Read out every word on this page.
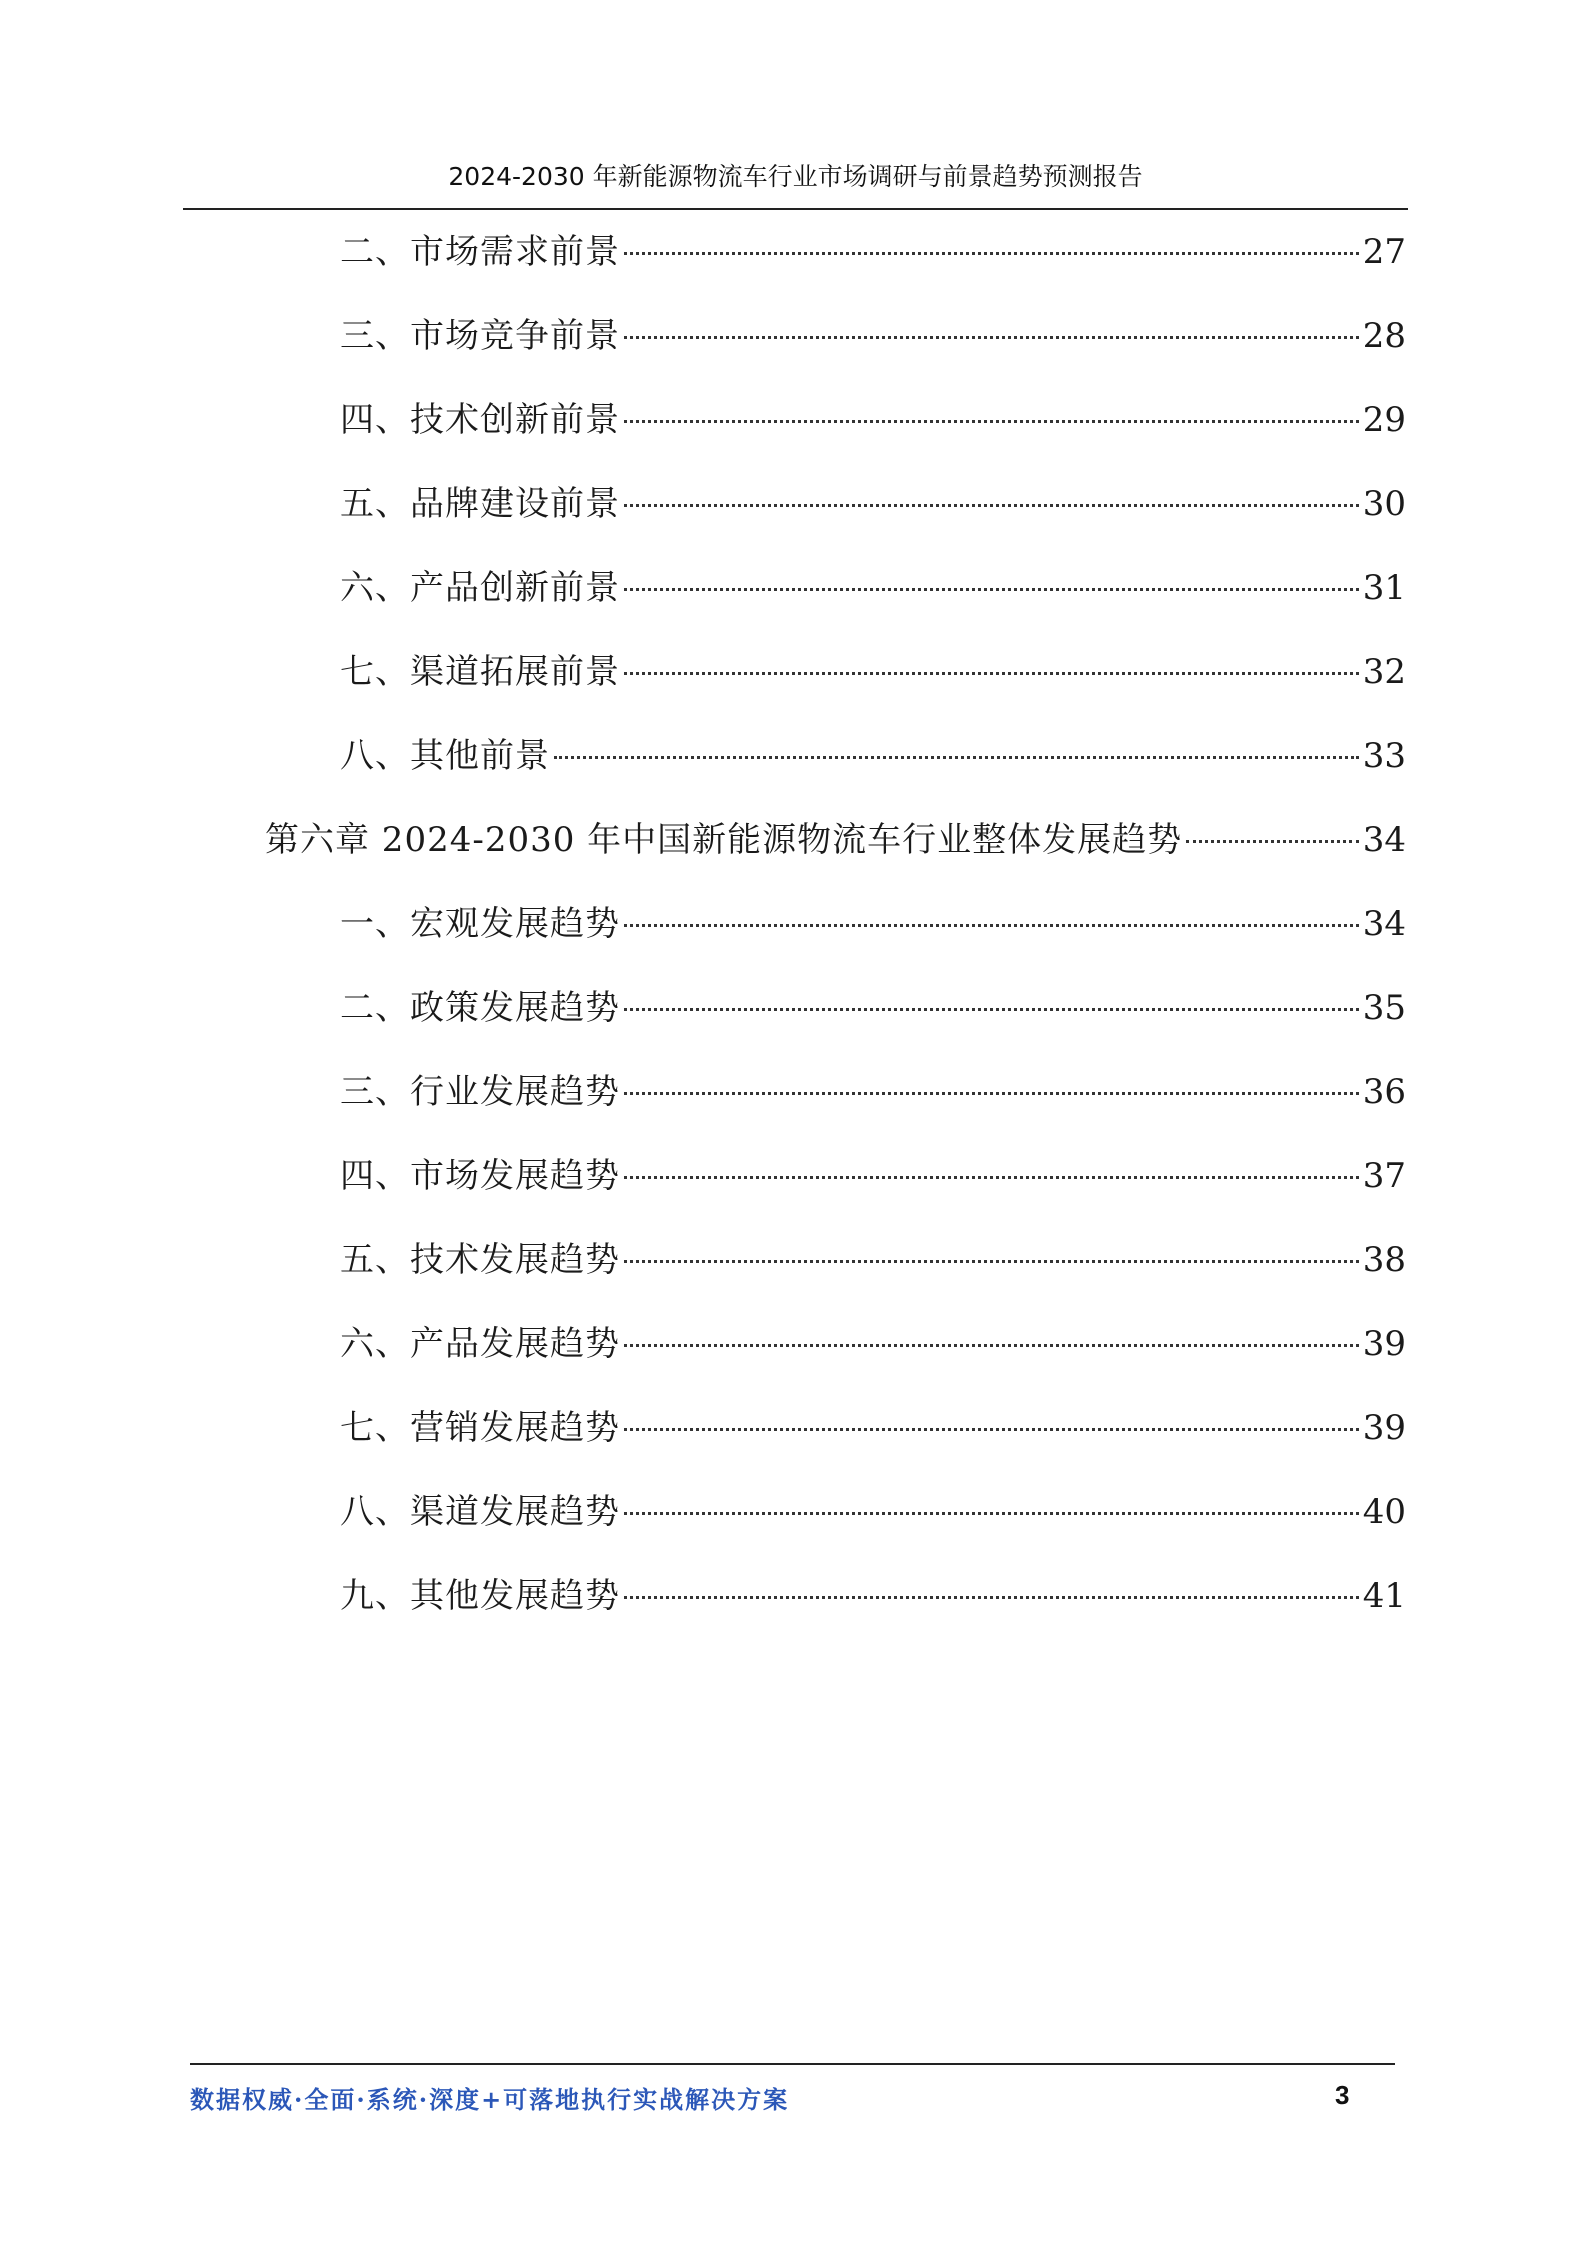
2024-2030 年新能源物流车行业市场调研与前景趋势预测报告
二、市场需求前景	27
三、市场竞争前景	28
四、技术创新前景	29
五、品牌建设前景	30
六、产品创新前景	31
七、渠道拓展前景	32
八、其他前景	33
第六章 2024-2030 年中国新能源物流车行业整体发展趋势	34
一、宏观发展趋势	34
二、政策发展趋势	35
三、行业发展趋势	36
四、市场发展趋势	37
五、技术发展趋势	38
六、产品发展趋势	39
七、营销发展趋势	39
八、渠道发展趋势	40
九、其他发展趋势	41
数据权威·全面·系统·深度+可落地执行实战解决方案	3
